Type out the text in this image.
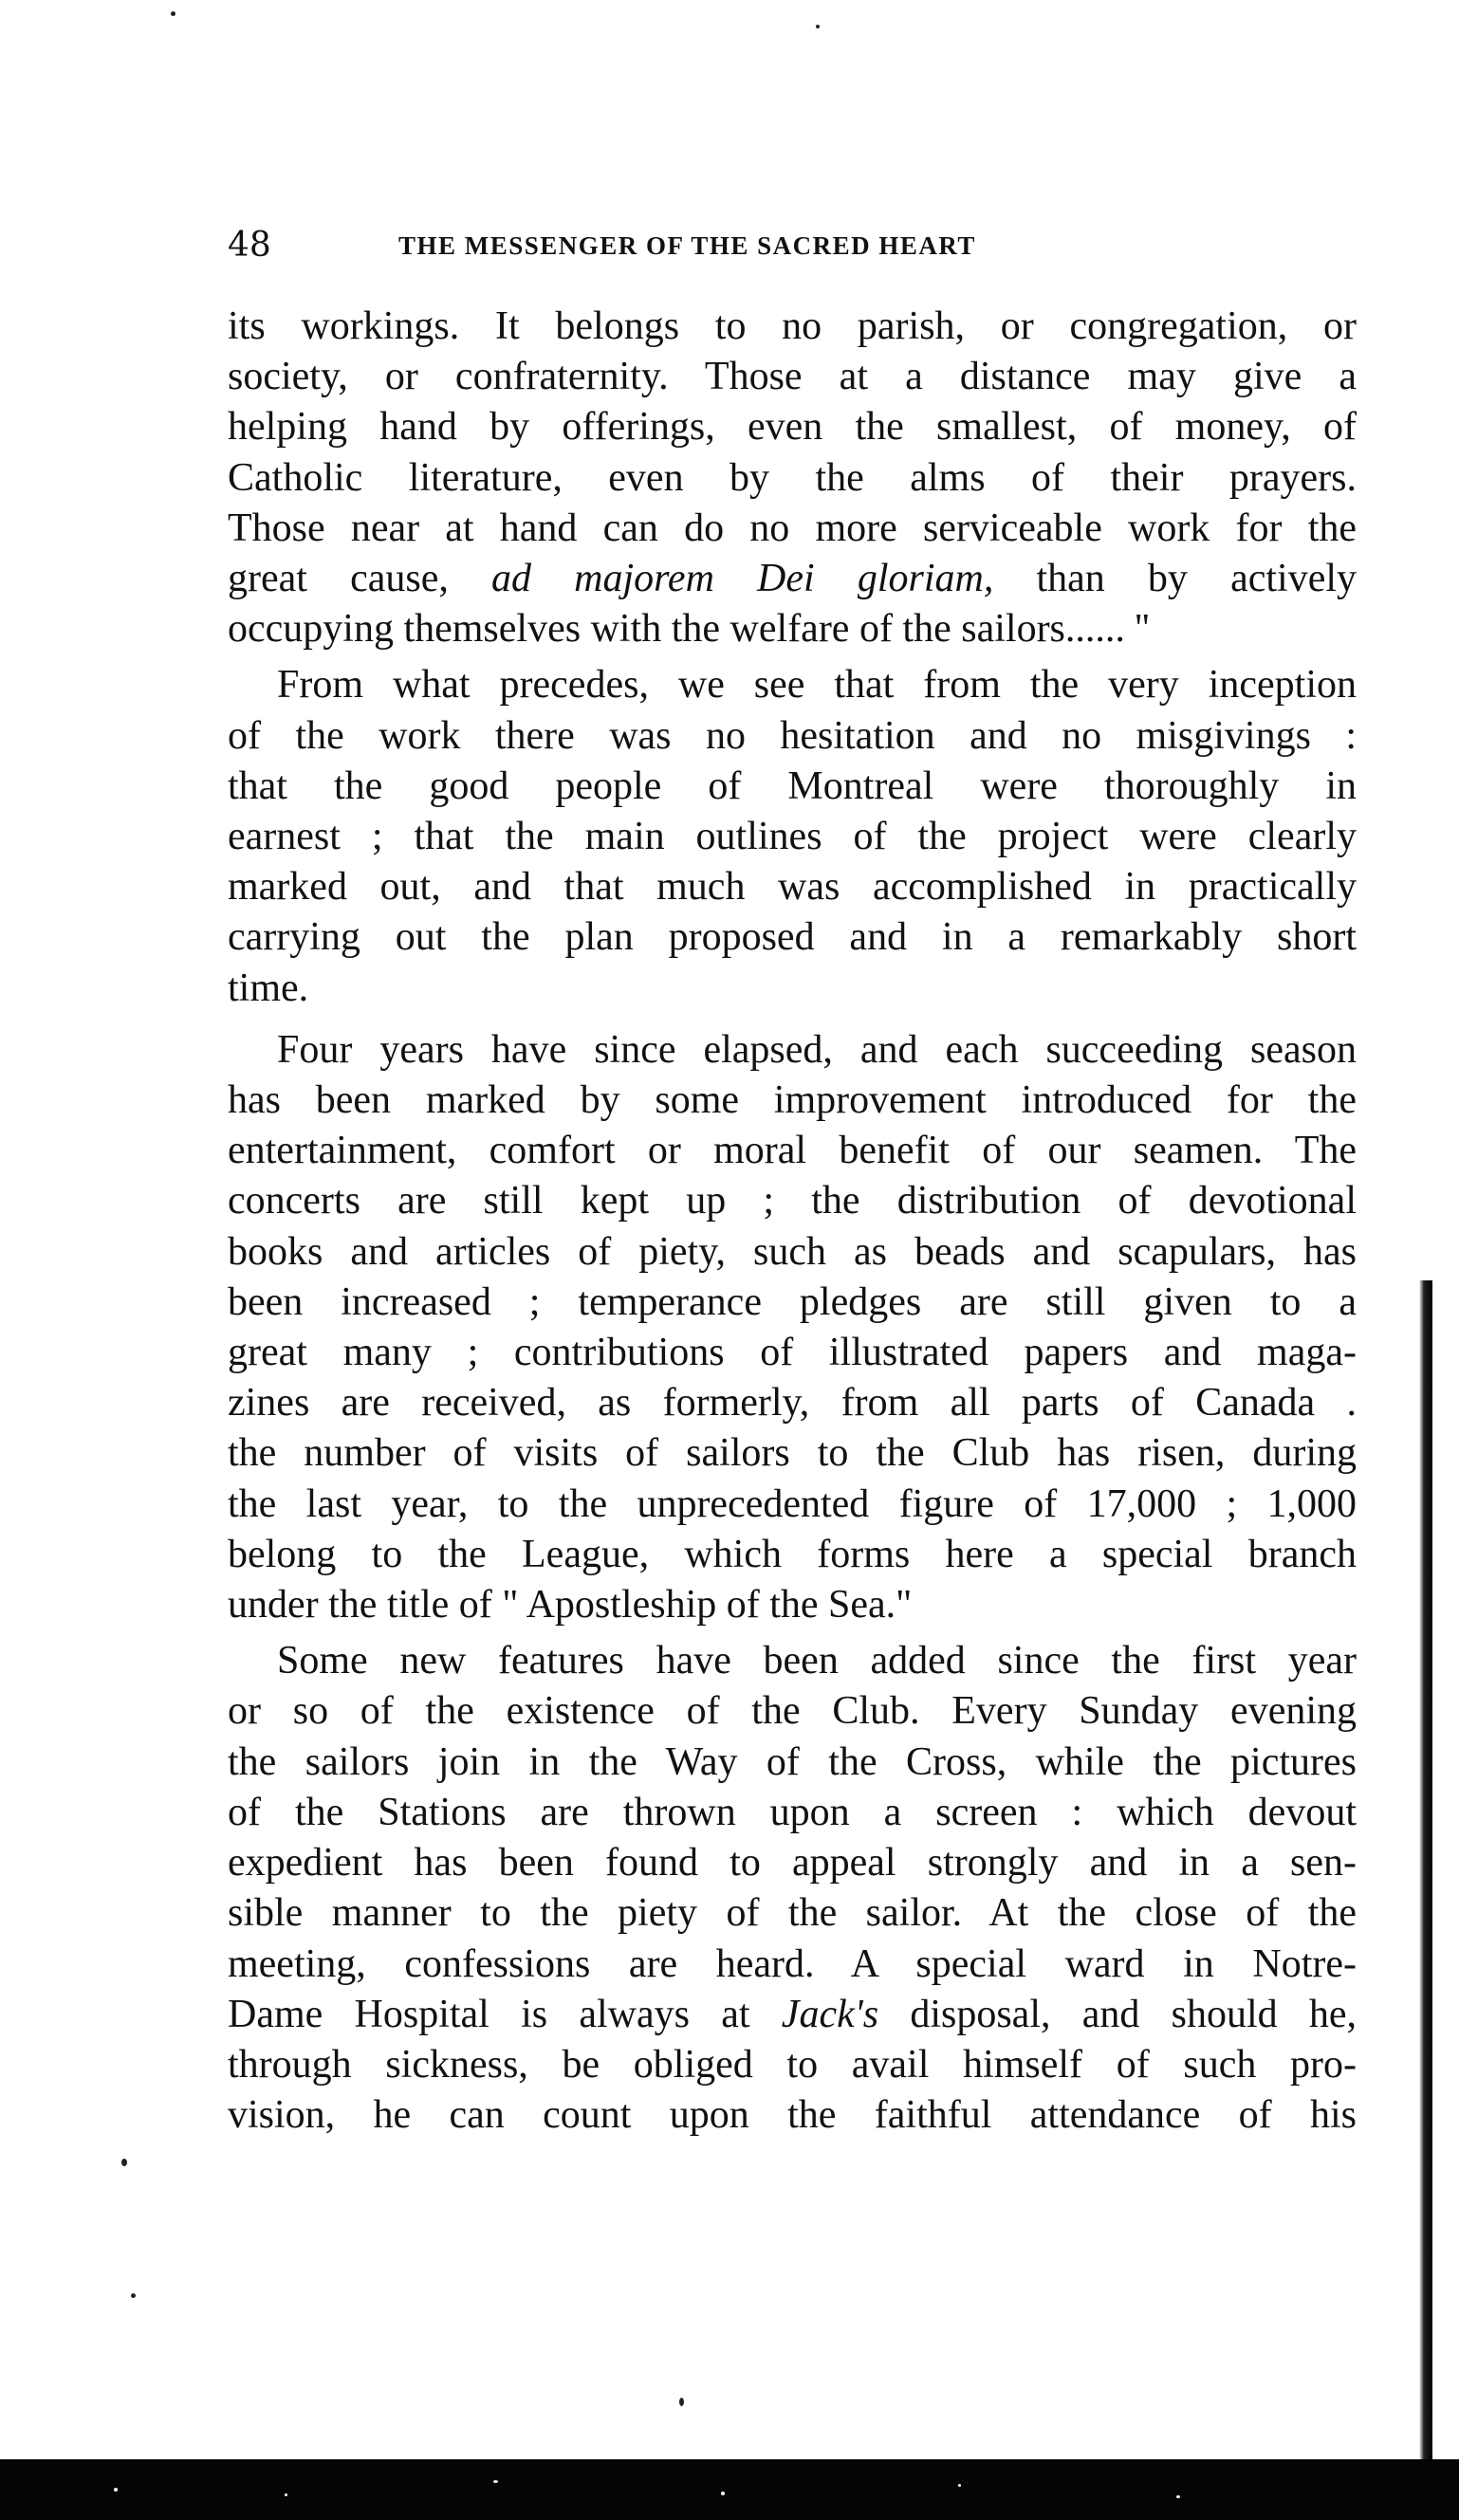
48	THE MESSENGER OF THE SACRED HEART
its workings. It belongs to no parish, or congregation, or
society, or confraternity. Those at a distance may give a
helping hand by offerings, even the smallest, of money, of
Catholic literature, even by the alms of their prayers.
Those near at hand can do no more serviceable work for the
great cause, ad majorem Dei gloriam, than by actively
occupying themselves with the welfare of the sailors...... ''
From what precedes, we see that from the very inception
of the work there was no hesitation and no misgivings :
that the good people of Montreal were thoroughly in
earnest ; that the main outlines of the project were clearly
marked out, and that much was accomplished in practically
carrying out the plan proposed and in a remarkably short
time.
Four years have since elapsed, and each succeeding season
has been marked by some improvement introduced for the
entertainment, comfort or moral benefit of our seamen. The
concerts are still kept up ; the distribution of devotional
books and articles of piety, such as beads and scapulars, has
been increased ; temperance pledges are still given to a
great many ; contributions of illustrated papers and maga-
zines are received, as formerly, from all parts of Canada .
the number of visits of sailors to the Club has risen, during
the last year, to the unprecedented figure of 17,000 ; 1,000
belong to the League, which forms here a special branch
under the title of " Apostleship of the Sea."
Some new features have been added since the first year
or so of the existence of the Club. Every Sunday evening
the sailors join in the Way of the Cross, while the pictures
of the Stations are thrown upon a screen : which devout
expedient has been found to appeal strongly and in a sen-
sible manner to the piety of the sailor. At the close of the
meeting, confessions are heard. A special ward in Notre-
Dame Hospital is always at Jack's disposal, and should he,
through sickness, be obliged to avail himself of such pro-
vision, he can count upon the faithful attendance of his
